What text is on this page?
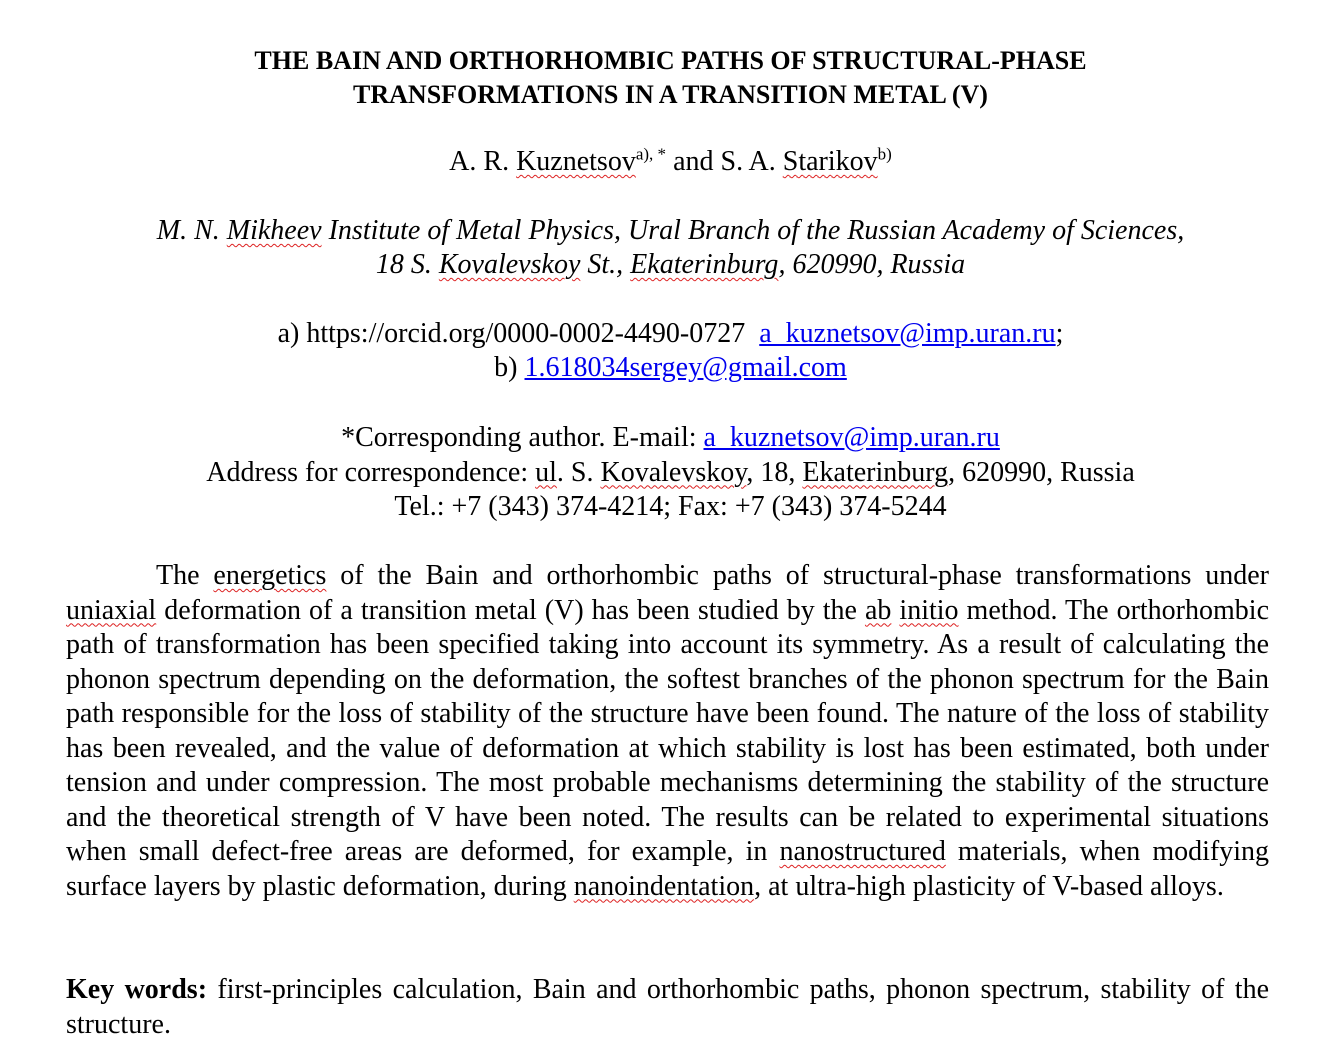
THE BAIN AND ORTHORHOMBIC PATHS OF STRUCTURAL-PHASE
TRANSFORMATIONS IN A TRANSITION METAL (V)
A. R. Kuznetsov$^{a), *}$ and S. A. Starikov$^{b)}$
M. N. Mikheev Institute of Metal Physics, Ural Branch of the Russian Academy of Sciences,
18 S. Kovalevskoy St., Ekaterinburg, 620990, Russia
a) https://orcid.org/0000-0002-4490-0727  a_kuznetsov@imp.uran.ru;
b) 1.618034sergey@gmail.com
*Corresponding author. E-mail: a_kuznetsov@imp.uran.ru
Address for correspondence: ul. S. Kovalevskoy, 18, Ekaterinburg, 620990, Russia
Tel.: +7 (343) 374-4214; Fax: +7 (343) 374-5244

The energetics of the Bain and orthorhombic paths of structural-phase transformations under uniaxial deformation of a transition metal (V) has been studied by the ab initio method. The orthorhombic path of transformation has been specified taking into account its symmetry. As a result of calculating the phonon spectrum depending on the deformation, the softest branches of the phonon spectrum for the Bain path responsible for the loss of stability of the structure have been found. The nature of the loss of stability has been revealed, and the value of deformation at which stability is lost has been estimated, both under tension and under compression. The most probable mechanisms determining the stability of the structure and the theoretical strength of V have been noted. The results can be related to experimental situations when small defect-free areas are deformed, for example, in nanostructured materials, when modifying surface layers by plastic deformation, during nanoindentation, at ultra-high plasticity of V-based alloys.

Key words: first-principles calculation, Bain and orthorhombic paths, phonon spectrum, stability of the structure.
